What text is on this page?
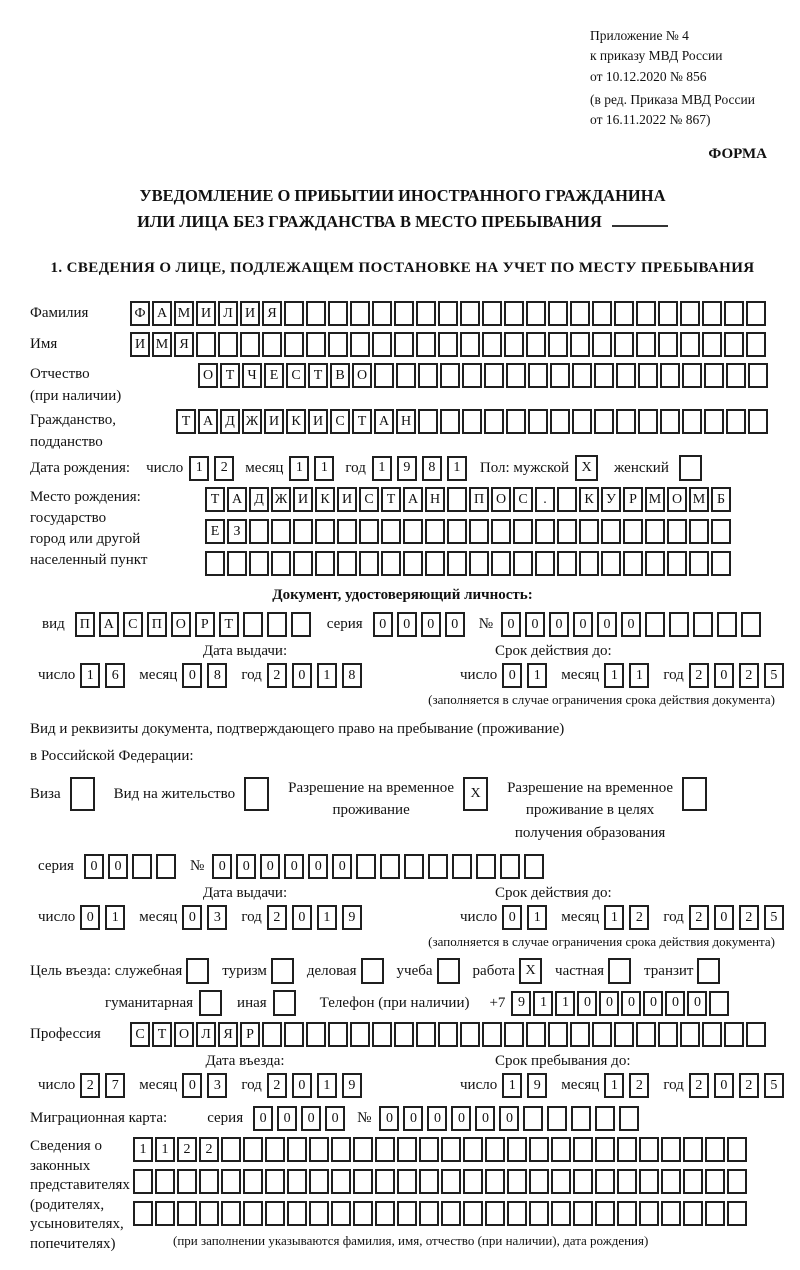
Приложение № 4
к приказу МВД России
от 10.12.2020 № 856
(в ред. Приказа МВД России
от 16.11.2022 № 867)
ФОРМА
УВЕДОМЛЕНИЕ О ПРИБЫТИИ ИНОСТРАННОГО ГРАЖДАНИНА
ИЛИ ЛИЦА БЕЗ ГРАЖДАНСТВА В МЕСТО ПРЕБЫВАНИЯ
1. СВЕДЕНИЯ О ЛИЦЕ, ПОДЛЕЖАЩЕМ ПОСТАНОВКЕ НА УЧЕТ ПО МЕСТУ ПРЕБЫВАНИЯ
Фамилия	Ф А М И Л И Я
Имя	И М Я
Отчество
(при наличии)
О Т Ч Е С Т В О
Гражданство,
подданство
Т А Д Ж И К И С Т А Н
Дата рождения: число 1	2	месяц 1	1	год 1	9	8	1	Пол: мужской X	женский
Место рождения:
государство
город или другой
населенный пункт
Т А Д Ж И К И С Т А Н	П О С	.	К У Р М О М Б
Е	З
Документ, удостоверяющий личность:
вид	П А	С	П О	Р	Т	серия	0	0	0	0	№	0	0	0	0	0	0
Дата выдачи:	Срок действия до:
число 1	6	месяц 0	8	год 2	0	1	8	число 0	1	месяц 1	1	год 2	0	2	5
(заполняется в случае ограничения срока действия документа)
Вид и реквизиты документа, подтверждающего право на пребывание (проживание)
в Российской Федерации:
Виза	Вид на жительство	Разрешение на временное
проживание
X	Разрешение на временное
проживание в целях
получения образования
серия	0	0	№	0	0	0	0	0	0
Дата выдачи:	Срок действия до:
число 0	1	месяц 0	3	год 2	0	1	9	число 0	1	месяц 1	2	год 2	0	2	5
(заполняется в случае ограничения срока действия документа)
Цель въезда: служебная	туризм	деловая	учеба	работа X	частная	транзит
гуманитарная	иная	Телефон (при наличии) +7 9	1	1	0	0	0	0	0	0
Профессия	С Т О Л Я Р
Дата въезда:	Срок пребывания до:
число 2	7	месяц 0	3	год 2	0	1	9	число 1	9	месяц 1	2	год 2	0	2	5
Миграционная карта:	серия	0	0	0	0	№	0	0	0	0	0	0
Сведения о
законных
представителях
(родителях,
усыновителях,
попечителях)
1	1	2	2
(при заполнении указываются фамилия, имя, отчество (при наличии), дата рождения)
